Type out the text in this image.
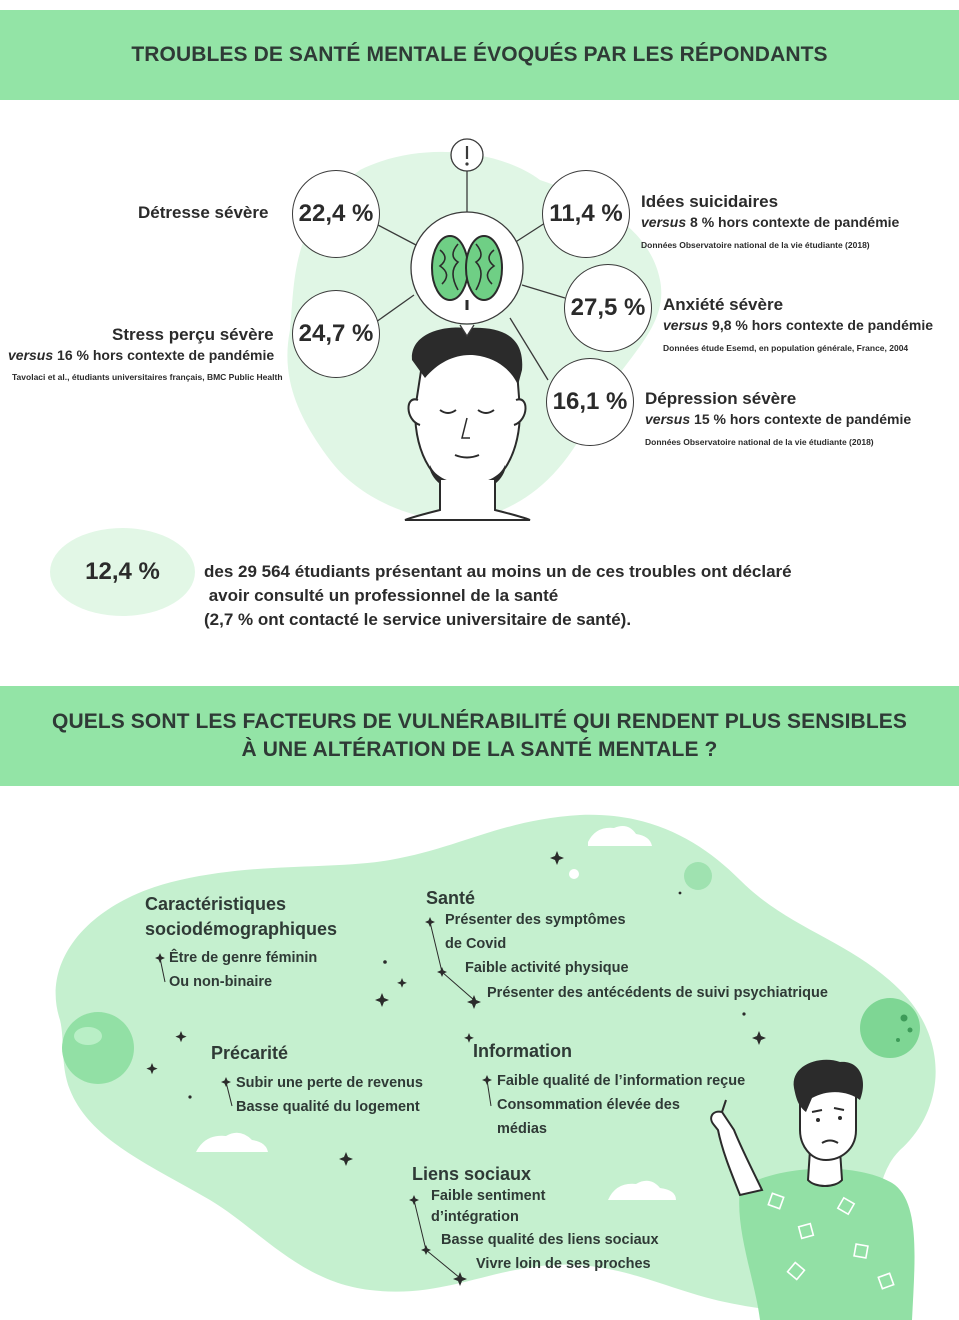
TROUBLES DE SANTÉ MENTALE ÉVOQUÉS PAR LES RÉPONDANTS
22,4 %
24,7 %
11,4 %
27,5 %
16,1 %
Détresse sévère
Stress perçu sévère
versus 16 % hors contexte de pandémie
Tavolaci et al., étudiants universitaires français, BMC Public Health
Idées suicidaires
versus 8 % hors contexte de pandémie
Données Observatoire national de la vie étudiante (2018)
Anxiété sévère
versus 9,8 % hors contexte de pandémie
Données étude Esemd, en population générale, France, 2004
Dépression sévère
versus 15 % hors contexte de pandémie
Données Observatoire national de la vie étudiante (2018)
12,4 %	des 29 564 étudiants présentant au moins un de ces troubles ont déclaré
avoir consulté un professionnel de la santé
(2,7 % ont contacté le service universitaire de santé).
QUELS SONT LES FACTEURS DE VULNÉRABILITÉ QUI RENDENT PLUS SENSIBLES
À UNE ALTÉRATION DE LA SANTÉ MENTALE ?
Caractéristiques
sociodémographiques
Être de genre féminin
Ou non-binaire
Santé
Présenter des symptômes
de Covid
Faible activité physique
Présenter des antécédents de suivi psychiatrique
Précarité
Subir une perte de revenus
Basse qualité du logement
Information
Faible qualité de l’information reçue
Consommation élevée des
médias
Liens sociaux
Faible sentiment
d’intégration
Basse qualité des liens sociaux
Vivre loin de ses proches
